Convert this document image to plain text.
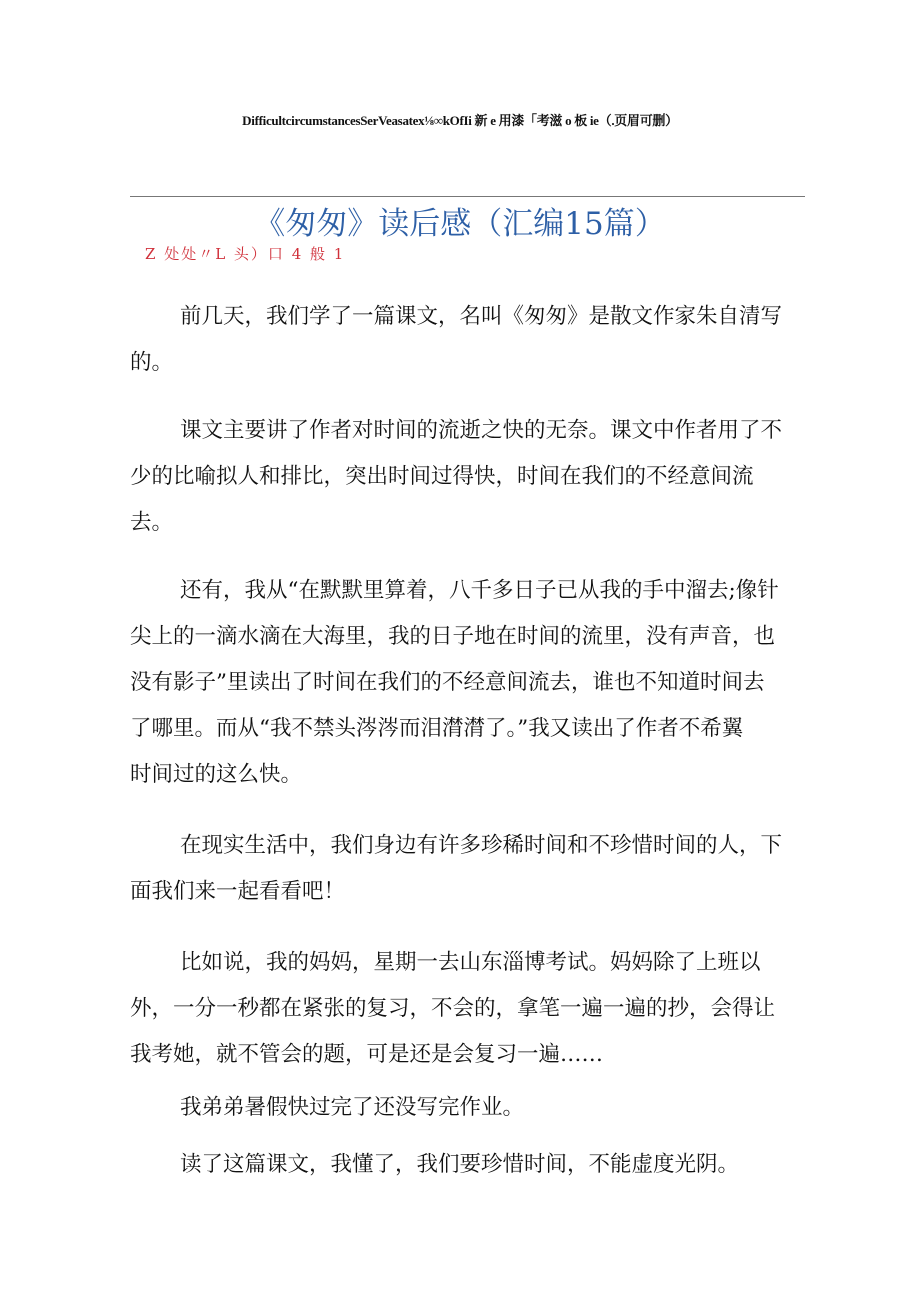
DifficultcircumstancesSerVeasatex⅛∞kOfIi 新 e 用漆「考滋 o 板 ie（.页眉可删）
《匆匆》读后感（汇编15篇）
Z 处处〃L 头）口 4 般 1
前几天，我们学了一篇课文，名叫《匆匆》是散文作家朱自清写
的。
课文主要讲了作者对时间的流逝之快的无奈。课文中作者用了不
少的比喻拟人和排比，突出时间过得快，时间在我们的不经意间流
去。
还有，我从“在默默里算着，八千多日子已从我的手中溜去;像针
尖上的一滴水滴在大海里，我的日子地在时间的流里，没有声音，也
没有影子”里读出了时间在我们的不经意间流去，谁也不知道时间去
了哪里。而从“我不禁头涔涔而泪潸潸了。”我又读出了作者不希翼
时间过的这么快。
在现实生活中，我们身边有许多珍稀时间和不珍惜时间的人，下
面我们来一起看看吧！
比如说，我的妈妈，星期一去山东淄博考试。妈妈除了上班以
外，一分一秒都在紧张的复习，不会的，拿笔一遍一遍的抄，会得让
我考她，就不管会的题，可是还是会复习一遍……
我弟弟暑假快过完了还没写完作业。
读了这篇课文，我懂了，我们要珍惜时间，不能虚度光阴。
